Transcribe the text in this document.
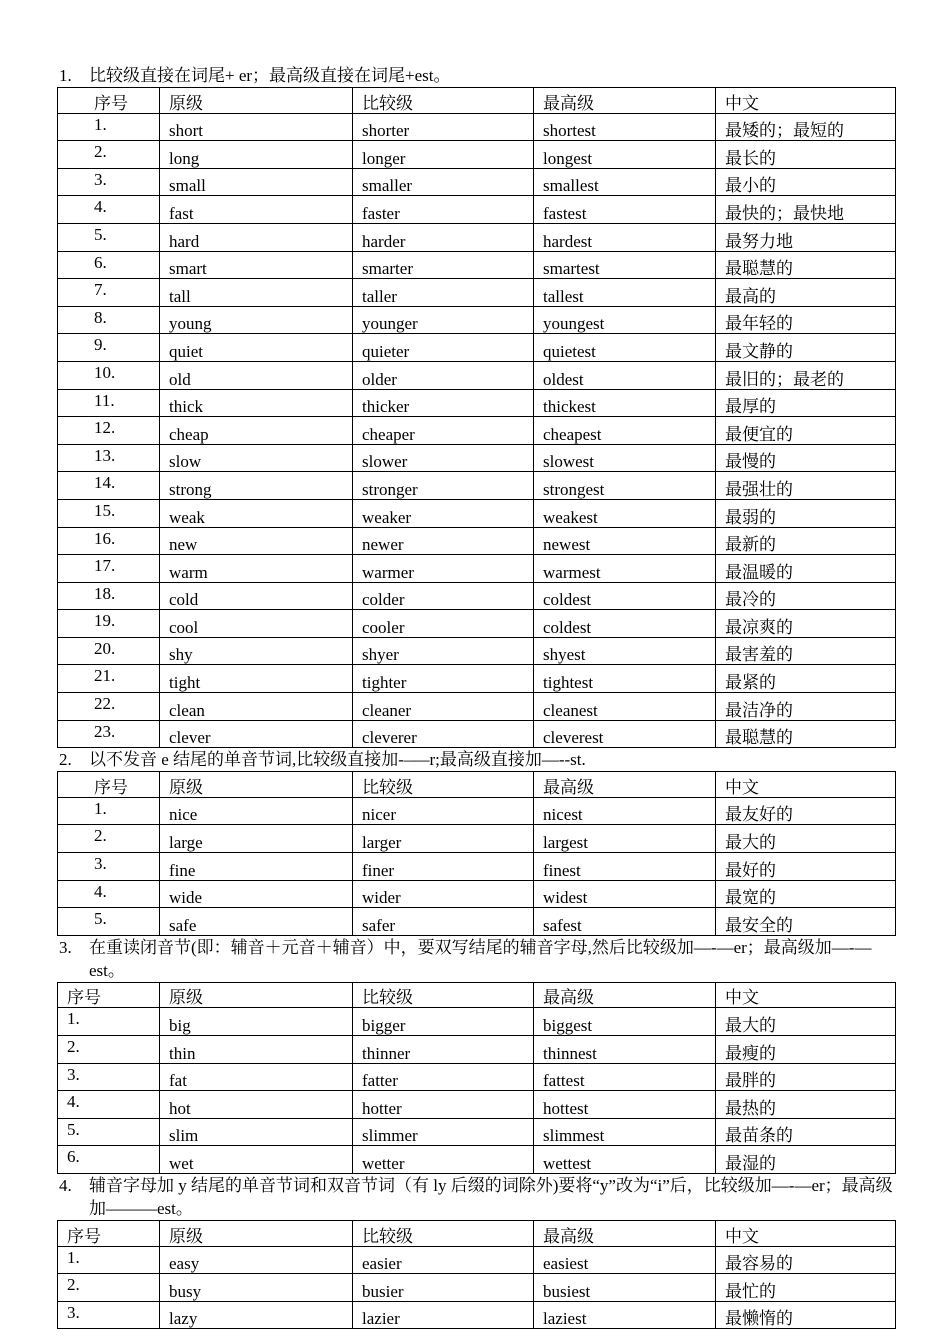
1.	比较级直接在词尾+ er；最高级直接在词尾+est。
序号	原级	比较级	最高级	中文
1.	short	shorter	shortest	最矮的；最短的
2.	long	longer	longest	最长的
3.	small	smaller	smallest	最小的
4.	fast	faster	fastest	最快的；最快地
5.	hard	harder	hardest	最努力地
6.	smart	smarter	smartest	最聪慧的
7.	tall	taller	tallest	最高的
8.	young	younger	youngest	最年轻的
9.	quiet	quieter	quietest	最文静的
10.	old	older	oldest	最旧的；最老的
11.	thick	thicker	thickest	最厚的
12.	cheap	cheaper	cheapest	最便宜的
13.	slow	slower	slowest	最慢的
14.	strong	stronger	strongest	最强壮的
15.	weak	weaker	weakest	最弱的
16.	new	newer	newest	最新的
17.	warm	warmer	warmest	最温暖的
18.	cold	colder	coldest	最冷的
19.	cool	cooler	coldest	最凉爽的
20.	shy	shyer	shyest	最害羞的
21.	tight	tighter	tightest	最紧的
22.	clean	cleaner	cleanest	最洁净的
23.	clever	cleverer	cleverest	最聪慧的
2.	以不发音 e 结尾的单音节词,比较级直接加-–—r;最高级直接加—--st.
序号	原级	比较级	最高级	中文
1.	nice	nicer	nicest	最友好的
2.	large	larger	largest	最大的
3.	fine	finer	finest	最好的
4.	wide	wider	widest	最宽的
5.	safe	safer	safest	最安全的
3.	在重读闭音节(即：辅音＋元音＋辅音）中，要双写结尾的辅音字母,然后比较级加—-—er；最高级加—-—est。
序号	原级	比较级	最高级	中文
1.	big	bigger	biggest	最大的
2.	thin	thinner	thinnest	最瘦的
3.	fat	fatter	fattest	最胖的
4.	hot	hotter	hottest	最热的
5.	slim	slimmer	slimmest	最苗条的
6.	wet	wetter	wettest	最湿的
4.	辅音字母加 y 结尾的单音节词和双音节词（有 ly 后缀的词除外)要将“y”改为“i”后，比较级加—-—er；最高级加———est。
序号	原级	比较级	最高级	中文
1.	easy	easier	easiest	最容易的
2.	busy	busier	busiest	最忙的
3.	lazy	lazier	laziest	最懒惰的
